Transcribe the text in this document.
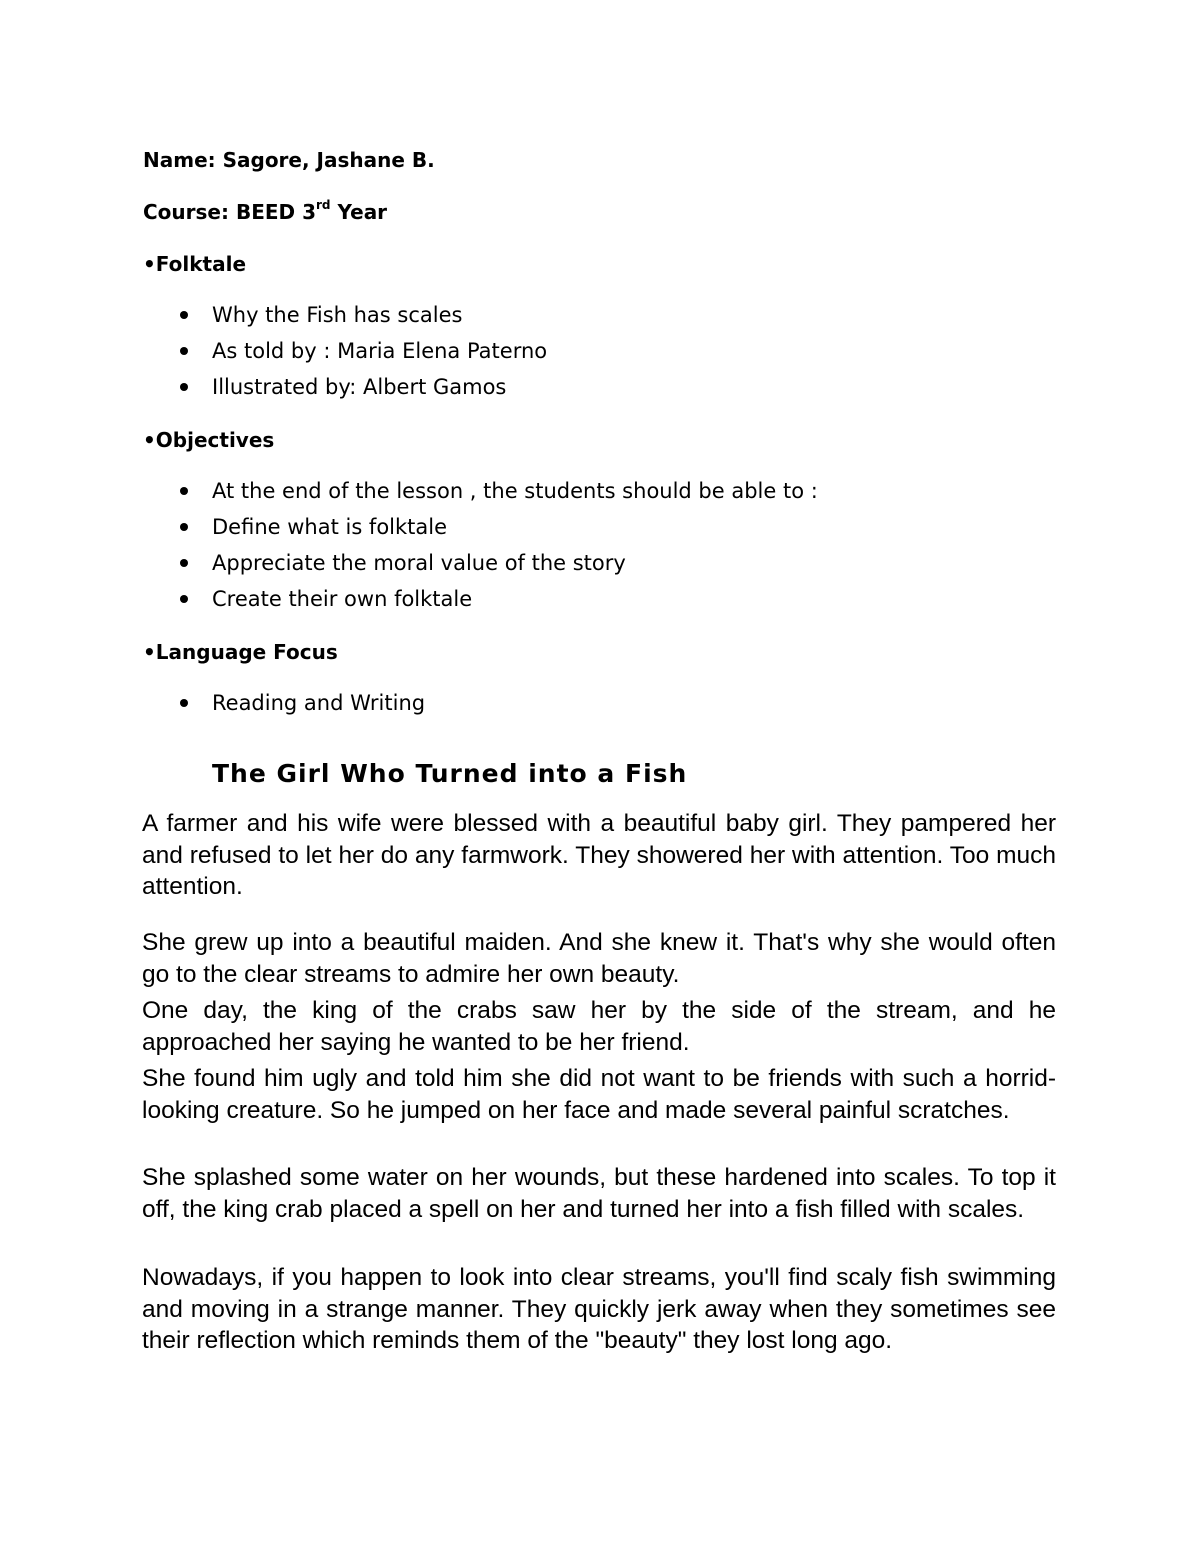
Name: Sagore, Jashane B.
Course: BEED 3rd Year
•Folktale
Why the Fish has scales
As told by : Maria Elena Paterno
Illustrated by: Albert Gamos
•Objectives
At the end of the lesson , the students should be able to :
Define what is folktale
Appreciate the moral value of the story
Create their own folktale
•Language Focus
Reading and Writing
The Girl Who Turned into a Fish

A farmer and his wife were blessed with a beautiful baby girl. They pampered her and refused to let her do any farmwork. They showered her with attention. Too much attention.

She grew up into a beautiful maiden. And she knew it. That's why she would often go to the clear streams to admire her own beauty.

One day, the king of the crabs saw her by the side of the stream, and he approached her saying he wanted to be her friend.

She found him ugly and told him she did not want to be friends with such a horrid-looking creature. So he jumped on her face and made several painful scratches.

She splashed some water on her wounds, but these hardened into scales. To top it off, the king crab placed a spell on her and turned her into a fish filled with scales.

Nowadays, if you happen to look into clear streams, you'll find scaly fish swimming and moving in a strange manner. They quickly jerk away when they sometimes see their reflection which reminds them of the "beauty" they lost long ago.
